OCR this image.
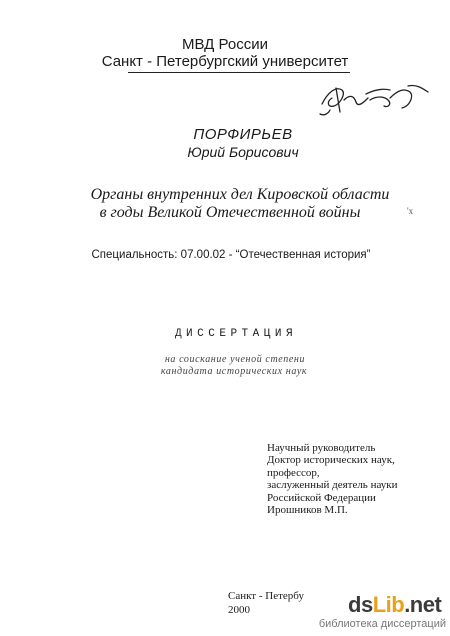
МВД России
Санкт - Петербургский университет
ПОРФИРЬЕВ
Юрий Борисович
Органы внутренних дел Кировской области
в годы Великой Отечественной войны	'x
Специальность: 07.00.02 - “Отечественная история”
ДИССЕРТАЦИЯ
на соискание ученой степени
кандидата исторических наук
Научный руководитель
Доктор исторических наук,
профессор,
заслуженный деятель науки
Российской Федерации
Иpошников М.П.
Санкт - Петербу
2000	dsLib.net
библиотека диссертаций
